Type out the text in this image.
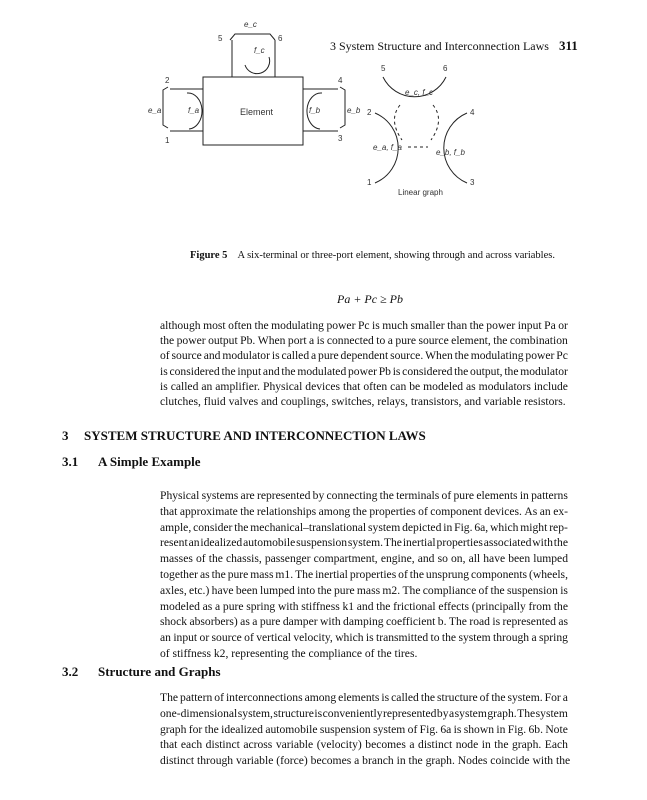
3 System Structure and Interconnection Laws 311
Element
e_c
5	6
f_c
e_a
2
1
f_a	e_b
4
3
f_b
5	6
2	4
1	3
e_c, f_c
e_a, f_a
e_b, f_b
Linear graph
Figure 5 A six-terminal or three-port element, showing through and across variables.
Pa + Pc ≥ Pb
although most often the modulating power Pc is much smaller than the power input Pa or
the power output Pb. When port a is connected to a pure source element, the combination
of source and modulator is called a pure dependent source. When the modulating power Pc
is considered the input and the modulated power Pb is considered the output, the modulator
is called an amplifier. Physical devices that often can be modeled as modulators include
clutches, fluid valves and couplings, switches, relays, transistors, and variable resistors.
3 SYSTEM STRUCTURE AND INTERCONNECTION LAWS
3.1 A Simple Example
Physical systems are represented by connecting the terminals of pure elements in patterns
that approximate the relationships among the properties of component devices. As an ex-
ample, consider the mechanical–translational system depicted in Fig. 6a, which might rep-
resent an idealized automobile suspension system. The inertial properties associated with the
masses of the chassis, passenger compartment, engine, and so on, all have been lumped
together as the pure mass m1. The inertial properties of the unsprung components (wheels,
axles, etc.) have been lumped into the pure mass m2. The compliance of the suspension is
modeled as a pure spring with stiffness k1 and the frictional effects (principally from the
shock absorbers) as a pure damper with damping coefficient b. The road is represented as
an input or source of vertical velocity, which is transmitted to the system through a spring
of stiffness k2, representing the compliance of the tires.
3.2 Structure and Graphs
The pattern of interconnections among elements is called the structure of the system. For a
one-dimensional system, structure is conveniently represented by a system graph. The system
graph for the idealized automobile suspension system of Fig. 6a is shown in Fig. 6b. Note
that each distinct across variable (velocity) becomes a distinct node in the graph. Each
distinct through variable (force) becomes a branch in the graph. Nodes coincide with the
